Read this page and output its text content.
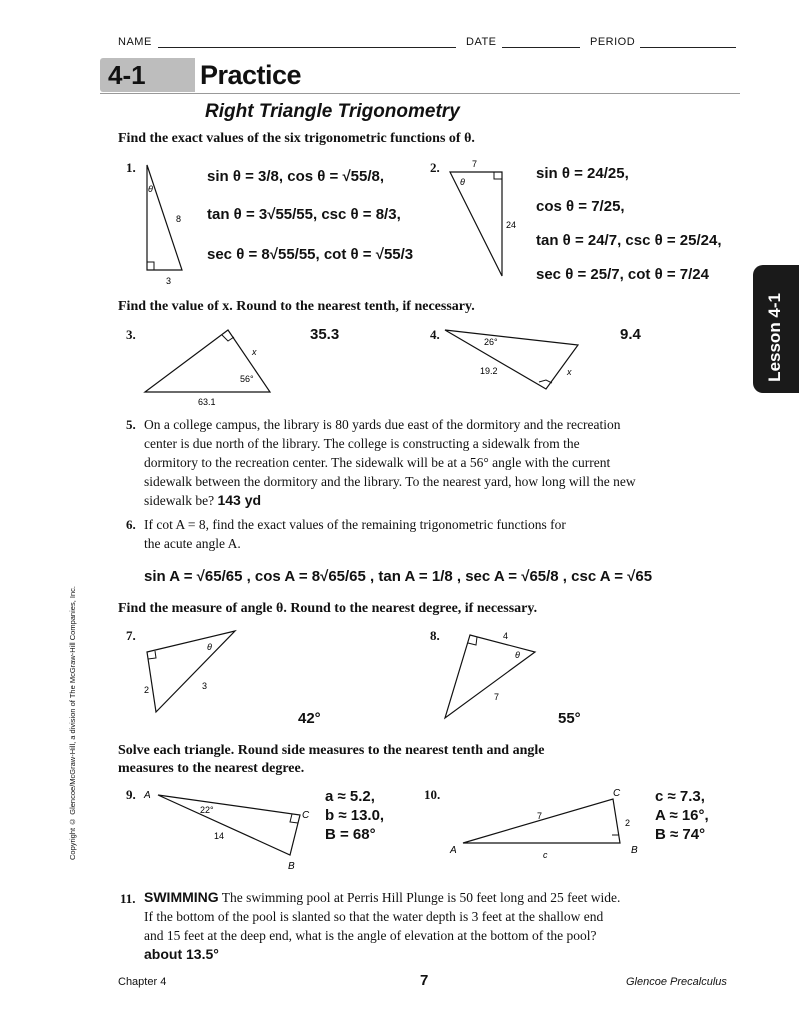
NAME	DATE	PERIOD
4-1 Practice
Right Triangle Trigonometry
Lesson 4-1
Copyright © Glencoe/McGraw-Hill, a division of The McGraw-Hill Companies, Inc.
Find the exact values of the six trigonometric functions of θ.
1.
θ
8
3
sin θ = 3/8, cos θ = √55/8,
tan θ = 3√55/55, csc θ = 8/3,
sec θ = 8√55/55, cot θ = √55/3
2.	7
θ
24
sin θ = 24/25,
cos θ = 7/25,
tan θ = 24/7, csc θ = 25/24,
sec θ = 25/7, cot θ = 7/24
Find the value of x. Round to the nearest tenth, if necessary.
3.
x
56°
63.1
35.3	4.	26°
19.2	x
9.4
5. On a college campus, the library is 80 yards due east of the dormitory and the recreation
center is due north of the library. The college is constructing a sidewalk from the
dormitory to the recreation center. The sidewalk will be at a 56° angle with the current
sidewalk between the dormitory and the library. To the nearest yard, how long will the new
sidewalk be? 143 yd
6. If cot A = 8, find the exact values of the remaining trigonometric functions for
the acute angle A.
sin A = √65/65 , cos A = 8√65/65 , tan A = 1/8 , sec A = √65/8 , csc A = √65
Find the measure of angle θ. Round to the nearest degree, if necessary.
7.
θ
2	3
42°
8.	4
θ
7
55°
Solve each triangle. Round side measures to the nearest tenth and angle
measures to the nearest degree.
9. A
22°	C
14
B
a ≈ 5.2,
b ≈ 13.0,
B = 68°
10.	C
7
2
A	c	B
c ≈ 7.3,
A ≈ 16°,
B ≈ 74°
11. SWIMMING The swimming pool at Perris Hill Plunge is 50 feet long and 25 feet wide.
If the bottom of the pool is slanted so that the water depth is 3 feet at the shallow end
and 15 feet at the deep end, what is the angle of elevation at the bottom of the pool?
about 13.5°
Chapter 4	7	Glencoe Precalculus
